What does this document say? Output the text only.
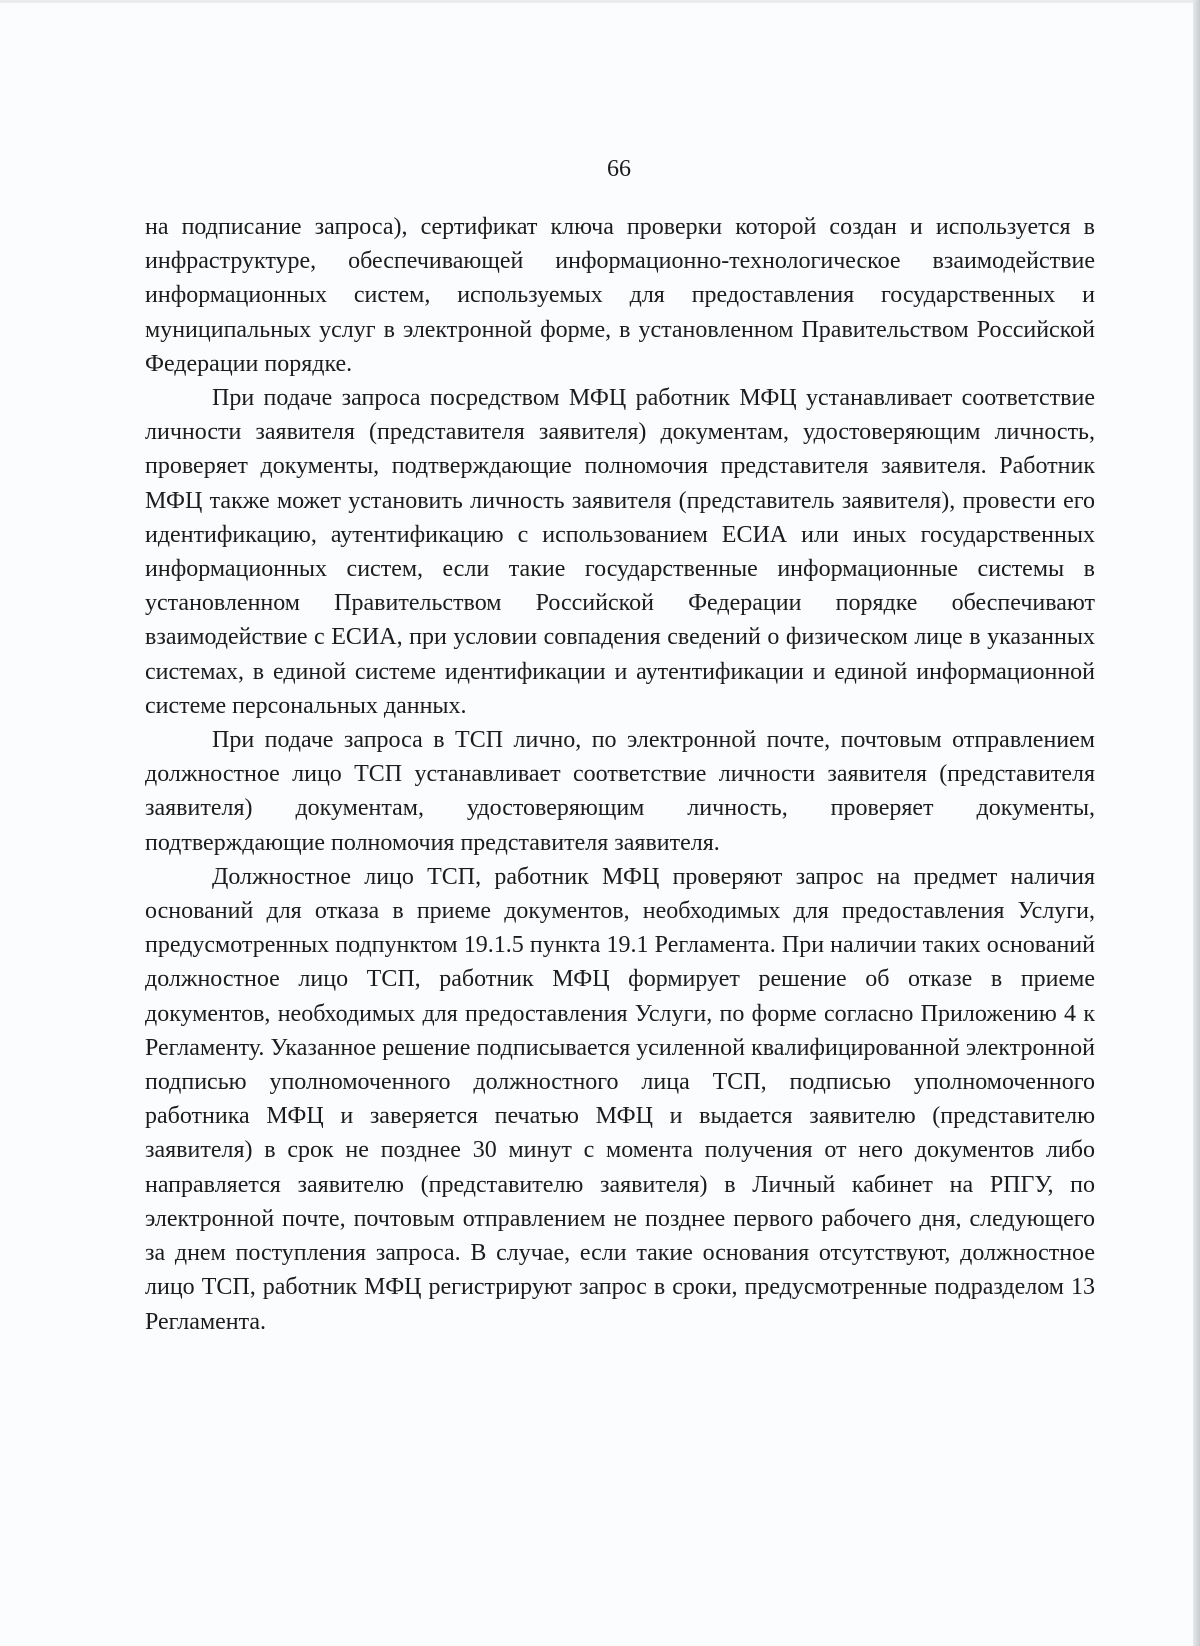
66

на подписание запроса), сертификат ключа проверки которой создан и используется в инфраструктуре, обеспечивающей информационно-технологическое взаимодействие информационных систем, используемых для предоставления государственных и муниципальных услуг в электронной форме, в установленном Правительством Российской Федерации порядке.

При подаче запроса посредством МФЦ работник МФЦ устанавливает соответствие личности заявителя (представителя заявителя) документам, удостоверяющим личность, проверяет документы, подтверждающие полномочия представителя заявителя. Работник МФЦ также может установить личность заявителя (представитель заявителя), провести его идентификацию, аутентификацию с использованием ЕСИА или иных государственных информационных систем, если такие государственные информационные системы в установленном Правительством Российской Федерации порядке обеспечивают взаимодействие с ЕСИА, при условии совпадения сведений о физическом лице в указанных системах, в единой системе идентификации и аутентификации и единой информационной системе персональных данных.

При подаче запроса в ТСП лично, по электронной почте, почтовым отправлением должностное лицо ТСП устанавливает соответствие личности заявителя (представителя заявителя) документам, удостоверяющим личность, проверяет документы, подтверждающие полномочия представителя заявителя.

Должностное лицо ТСП, работник МФЦ проверяют запрос на предмет наличия оснований для отказа в приеме документов, необходимых для предоставления Услуги, предусмотренных подпунктом 19.1.5 пункта 19.1 Регламента. При наличии таких оснований должностное лицо ТСП, работник МФЦ формирует решение об отказе в приеме документов, необходимых для предоставления Услуги, по форме согласно Приложению 4 к Регламенту. Указанное решение подписывается усиленной квалифицированной электронной подписью уполномоченного должностного лица ТСП, подписью уполномоченного работника МФЦ и заверяется печатью МФЦ и выдается заявителю (представителю заявителя) в срок не позднее 30 минут с момента получения от него документов либо направляется заявителю (представителю заявителя) в Личный кабинет на РПГУ, по электронной почте, почтовым отправлением не позднее первого рабочего дня, следующего за днем поступления запроса. В случае, если такие основания отсутствуют, должностное лицо ТСП, работник МФЦ регистрируют запрос в сроки, предусмотренные подразделом 13 Регламента.
